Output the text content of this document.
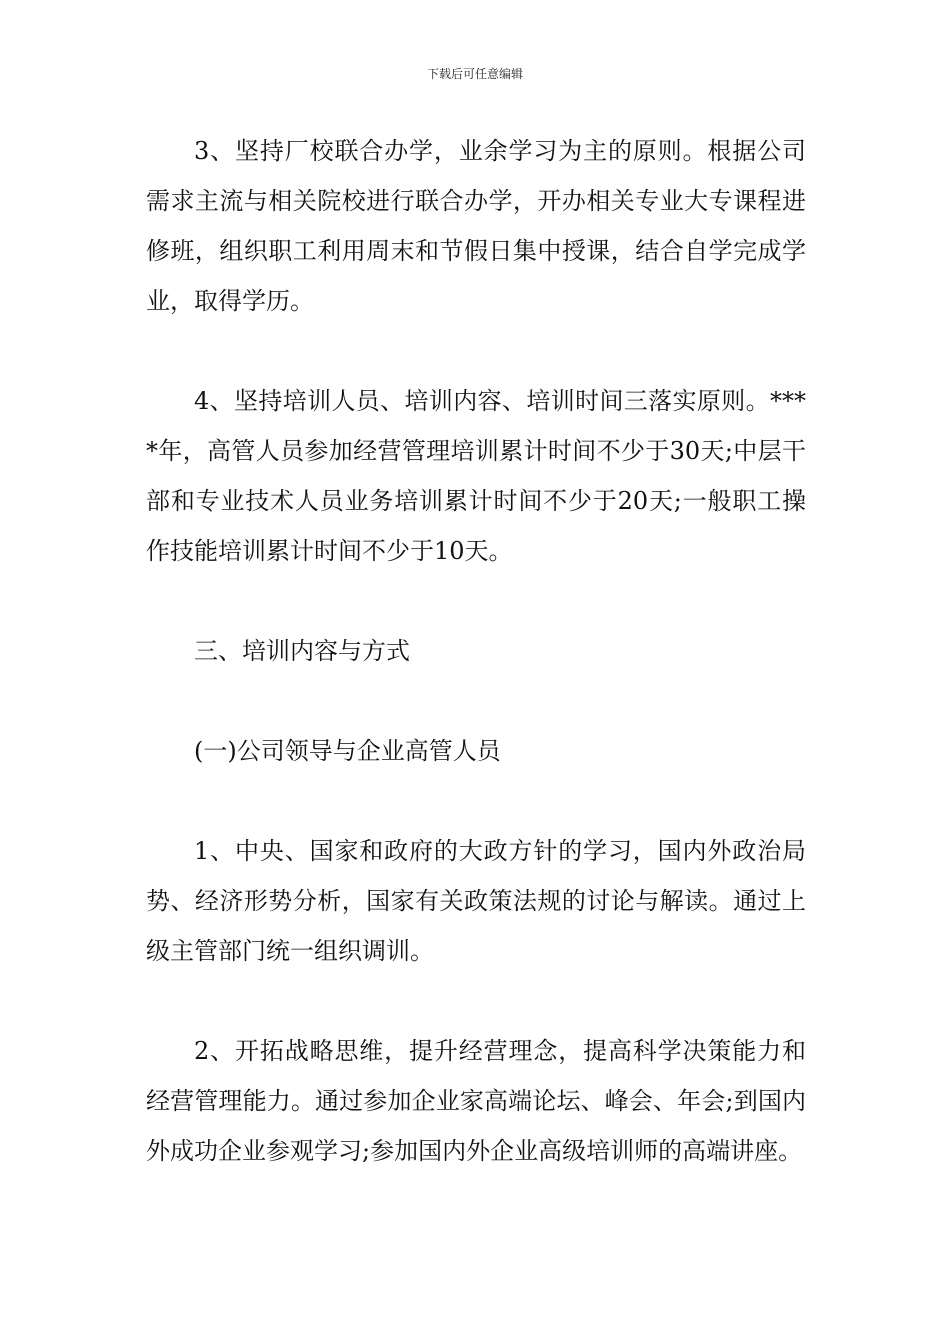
下载后可任意编辑

3、坚持厂校联合办学，业余学习为主的原则。根据公司需求主流与相关院校进行联合办学，开办相关专业大专课程进修班，组织职工利用周末和节假日集中授课，结合自学完成学业，取得学历。

4、坚持培训人员、培训内容、培训时间三落实原则。****年，高管人员参加经营管理培训累计时间不少于30天;中层干部和专业技术人员业务培训累计时间不少于20天;一般职工操作技能培训累计时间不少于10天。

三、培训内容与方式

(一)公司领导与企业高管人员

1、中央、国家和政府的大政方针的学习，国内外政治局势、经济形势分析，国家有关政策法规的讨论与解读。通过上级主管部门统一组织调训。

2、开拓战略思维，提升经营理念，提高科学决策能力和经营管理能力。通过参加企业家高端论坛、峰会、年会;到国内外成功企业参观学习;参加国内外企业高级培训师的高端讲座。
